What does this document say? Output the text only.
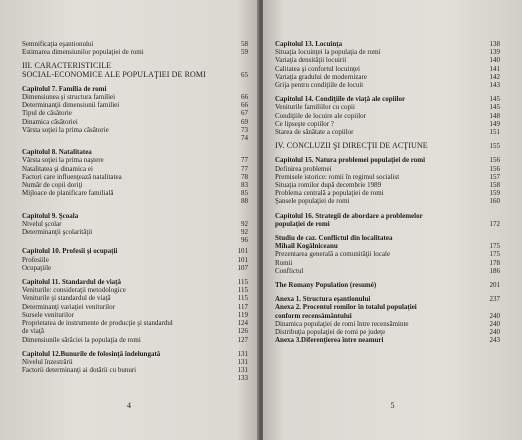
Semnificaţia eşantionului	58
Estimarea dimensiunilor populaţiei de romi	59
III. CARACTERISTICILE
SOCIAL-ECONOMICE ALE POPULAŢIEI DE ROMI	65
Capitolul 7. Familia de romi
Dimensiunea şi structura familiei	66
Determinanţii dimensiunii familiei	66
Tipul de căsătorie	67
Dinamica căsătoriei	69
Vârsta soţiei la prima căsătorie	73
74
Capitolul 8. Natalitatea
Vârsta soţiei la prima naştere	77
Natalitatea şi dinamica ei	77
Factori care influenţează natalitatea	78
Număr de copii doriţi	83
Mijloace de planificare familială	85
88
Capitolul 9. Şcoala
Nivelul şcolar	92
Determinanţii şcolarităţii	92
96
Capitolul 10. Profesii şi ocupaţii	101
Profesiile	101
Ocupaţiile	107
Capitolul 11. Standardul de viaţă	115
Veniturile: consideraţii metodologice	115
Veniturile şi standardul de viaţă	115
Determinanţi variaţiei veniturilor	117
Sursele veniturilor	119
Proprietatea de instrumente de producţie şi standardul	124
de viaţă	126
Dimensiunile sărăciei la populaţia de romi	127
Capitolul 12.Bunurile de folosinţă îndelungată	131
Nivelul înzestrării	131
Factorii determinanţi ai dotării cu bunuri	131
133
4
Capitolul 13. Locuinţa	138
Situaţia locuinţei la populaţia de romi	139
Variaţia densităţii locuirii	140
Calitatea şi confortul locuinţei	141
Variaţia gradului de modernizare	142
Grija pentru condiţiile de locuit	143
Capitolul 14. Condiţiile de viaţă ale copiilor	145
Veniturile familiilor cu copii	145
Condiţiile de locuire ale copiilor	148
Ce lipseşte copiilor ?	149
Starea de sănătate a copiilor	151
IV. CONCLUZII ŞI DIRECŢII DE ACŢIUNE	155
Capitolul 15. Natura problemei populaţiei de romi	156
Definirea problemei	156
Premisele istorice: romii în regimul socialist	157
Situaţia romilor după decembrie 1989	158
Problema centrală a populaţiei de romi	159
Şansele populaţiei de romi	160
Capitolul 16. Strategii de abordare a problemelor
populaţiei de romi	172
Studiu de caz. Conflictul din localitatea
Mihail Kogălniceanu	175
Prezentarea generală a comunităţii locale	175
Romii	178
Conflictul	186
The Romany Population (resumé)	201
Anexa 1. Structura eşantionului	237
Anexa 2. Procentul romilor în totalul populaţiei
conform recensământului	240
Dinamica populaţiei de romi între recensăminte	240
Distribuţia populaţiei de romi pe judeţe	240
Anexa 3.Diferenţierea între neamuri	243
5
